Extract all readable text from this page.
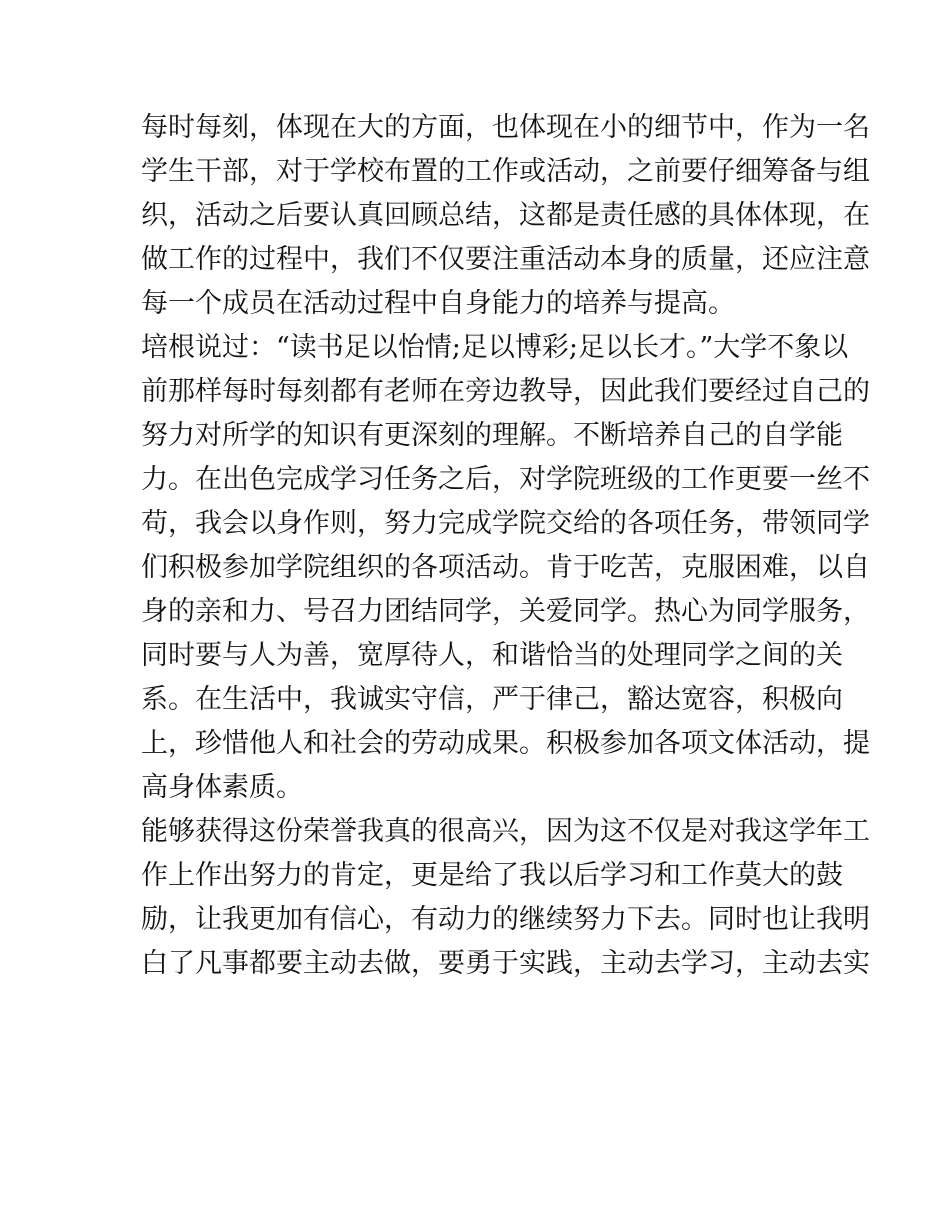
每时每刻，体现在大的方面，也体现在小的细节中，作为一名
学生干部，对于学校布置的工作或活动，之前要仔细筹备与组
织，活动之后要认真回顾总结，这都是责任感的具体体现，在
做工作的过程中，我们不仅要注重活动本身的质量，还应注意
每一个成员在活动过程中自身能力的培养与提高。
培根说过：“读书足以怡情;足以博彩;足以长才。”大学不象以
前那样每时每刻都有老师在旁边教导，因此我们要经过自己的
努力对所学的知识有更深刻的理解。不断培养自己的自学能
力。在出色完成学习任务之后，对学院班级的工作更要一丝不
苟，我会以身作则，努力完成学院交给的各项任务，带领同学
们积极参加学院组织的各项活动。肯于吃苦，克服困难，以自
身的亲和力、号召力团结同学，关爱同学。热心为同学服务，
同时要与人为善，宽厚待人，和谐恰当的处理同学之间的关
系。在生活中，我诚实守信，严于律己，豁达宽容，积极向
上，珍惜他人和社会的劳动成果。积极参加各项文体活动，提
高身体素质。
能够获得这份荣誉我真的很高兴，因为这不仅是对我这学年工
作上作出努力的肯定，更是给了我以后学习和工作莫大的鼓
励，让我更加有信心，有动力的继续努力下去。同时也让我明
白了凡事都要主动去做，要勇于实践，主动去学习，主动去实
